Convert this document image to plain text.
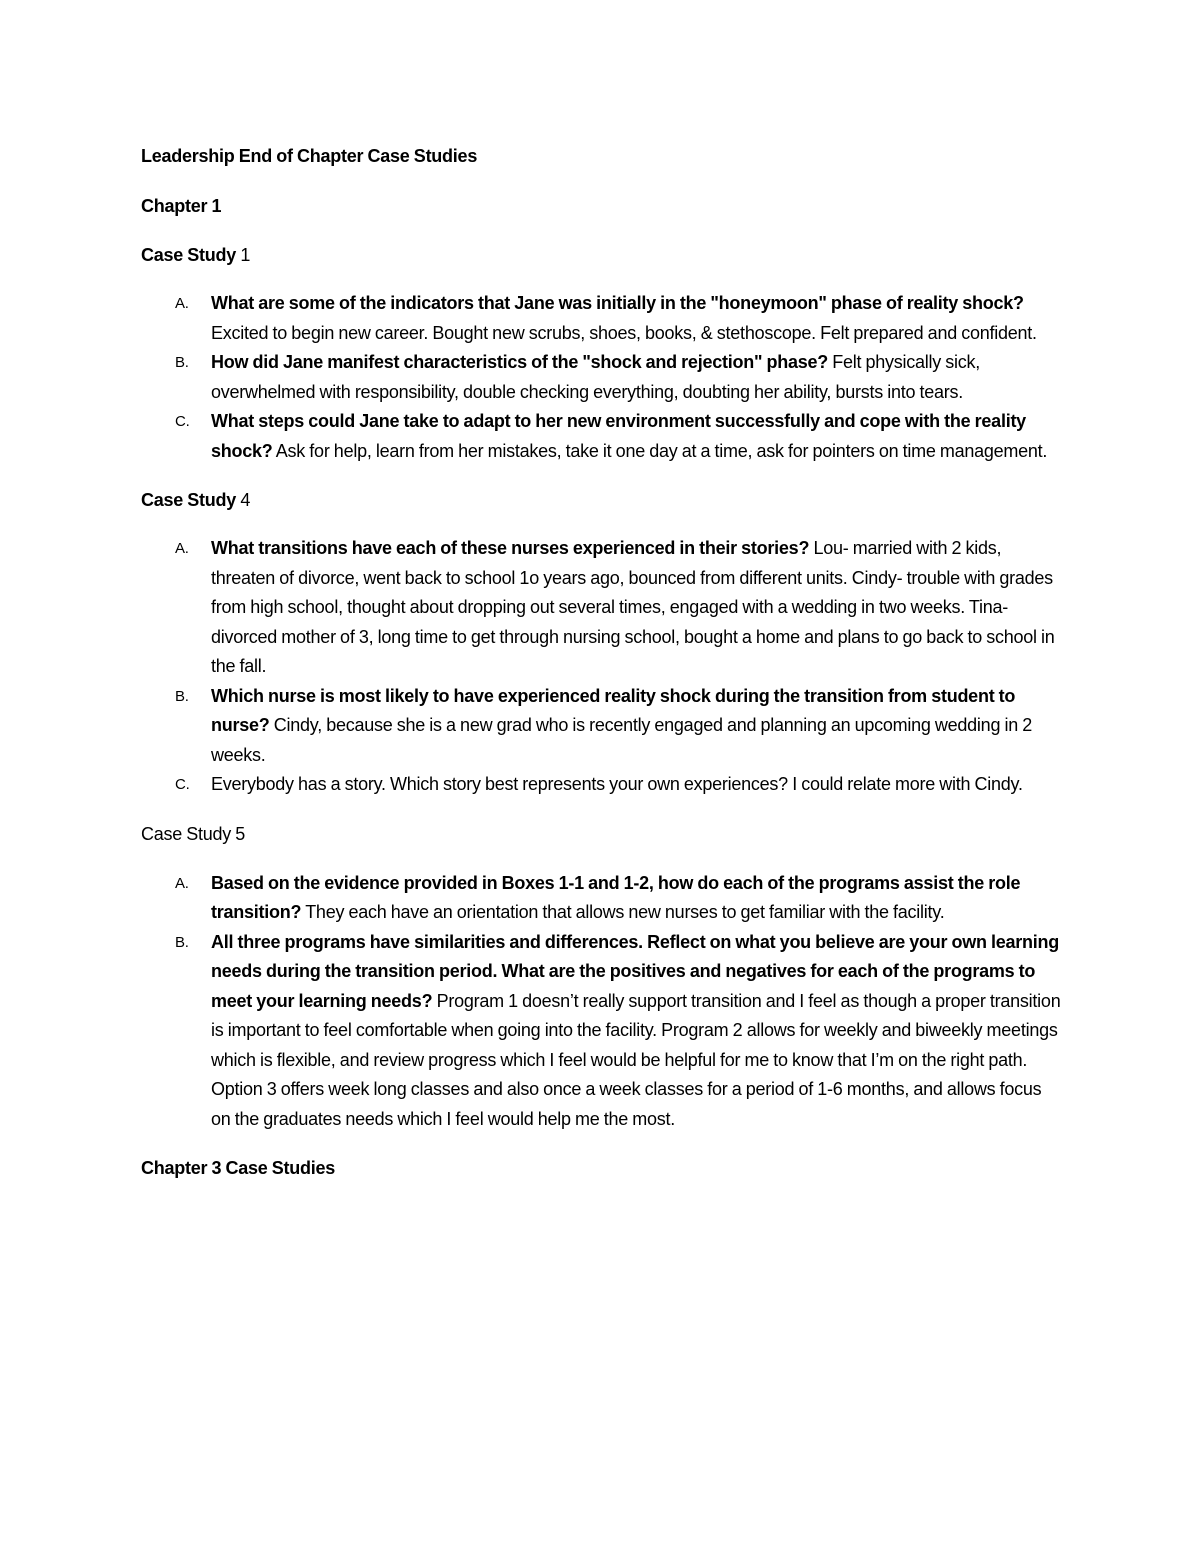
Leadership End of Chapter Case Studies

Chapter 1

Case Study 1

A. What are some of the indicators that Jane was initially in the "honeymoon" phase of reality shock? Excited to begin new career. Bought new scrubs, shoes, books, & stethoscope. Felt prepared and confident.
B. How did Jane manifest characteristics of the "shock and rejection" phase? Felt physically sick, overwhelmed with responsibility, double checking everything, doubting her ability, bursts into tears.
C. What steps could Jane take to adapt to her new environment successfully and cope with the reality shock? Ask for help, learn from her mistakes, take it one day at a time, ask for pointers on time management.

Case Study 4

A. What transitions have each of these nurses experienced in their stories? Lou- married with 2 kids, threaten of divorce, went back to school 1o years ago, bounced from different units. Cindy- trouble with grades from high school, thought about dropping out several times, engaged with a wedding in two weeks. Tina- divorced mother of 3, long time to get through nursing school, bought a home and plans to go back to school in the fall.
B. Which nurse is most likely to have experienced reality shock during the transition from student to nurse? Cindy, because she is a new grad who is recently engaged and planning an upcoming wedding in 2 weeks.
C. Everybody has a story. Which story best represents your own experiences? I could relate more with Cindy.

Case Study 5

A. Based on the evidence provided in Boxes 1-1 and 1-2, how do each of the programs assist the role transition? They each have an orientation that allows new nurses to get familiar with the facility.
B. All three programs have similarities and differences. Reflect on what you believe are your own learning needs during the transition period. What are the positives and negatives for each of the programs to meet your learning needs? Program 1 doesn’t really support transition and I feel as though a proper transition is important to feel comfortable when going into the facility. Program 2 allows for weekly and biweekly meetings which is flexible, and review progress which I feel would be helpful for me to know that I’m on the right path. Option 3 offers week long classes and also once a week classes for a period of 1-6 months, and allows focus on the graduates needs which I feel would help me the most.

Chapter 3 Case Studies
